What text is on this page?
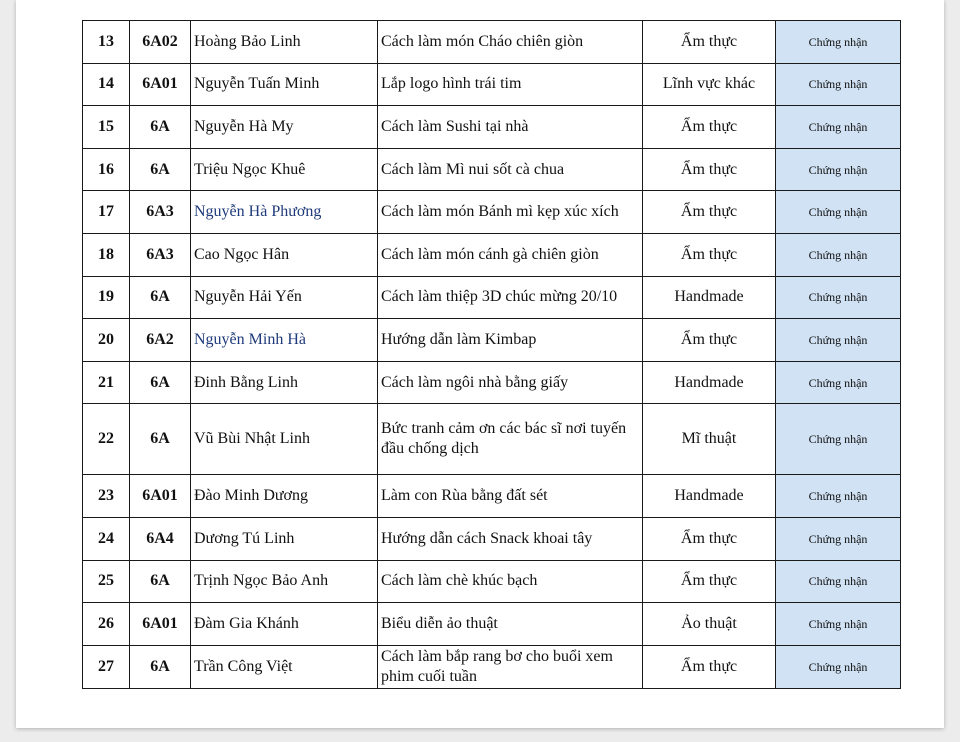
13	6A02	Hoàng Bảo Linh	Cách làm món Cháo chiên giòn	Ẩm thực	Chứng nhận
14	6A01	Nguyễn Tuấn Minh	Lắp logo hình trái tim	Lĩnh vực khác	Chứng nhận
15	6A	Nguyễn Hà My	Cách làm Sushi tại nhà	Ẩm thực	Chứng nhận
16	6A	Triệu Ngọc Khuê	Cách làm Mì nui sốt cà chua	Ẩm thực	Chứng nhận
17	6A3	Nguyễn Hà Phương	Cách làm món Bánh mì kẹp xúc xích	Ẩm thực	Chứng nhận
18	6A3	Cao Ngọc Hân	Cách làm món cánh gà chiên giòn	Ẩm thực	Chứng nhận
19	6A	Nguyễn Hải Yến	Cách làm thiệp 3D chúc mừng 20/10	Handmade	Chứng nhận
20	6A2	Nguyễn Minh Hà	Hướng dẫn làm Kimbap	Ẩm thực	Chứng nhận
21	6A	Đinh Bằng Linh	Cách làm ngôi nhà bằng giấy	Handmade	Chứng nhận
22	6A	Vũ Bùi Nhật Linh	Bức tranh cảm ơn các bác sĩ nơi tuyến đầu chống dịch	Mĩ thuật	Chứng nhận
23	6A01	Đào Minh Dương	Làm con Rùa bằng đất sét	Handmade	Chứng nhận
24	6A4	Dương Tú Linh	Hướng dẫn cách Snack khoai tây	Ẩm thực	Chứng nhận
25	6A	Trịnh Ngọc Bảo Anh	Cách làm chè khúc bạch	Ẩm thực	Chứng nhận
26	6A01	Đàm Gia Khánh	Biểu diễn ảo thuật	Ảo thuật	Chứng nhận
27	6A	Trần Công Việt	Cách làm bắp rang bơ cho buổi xem phim cuối tuần	Ẩm thực	Chứng nhận
